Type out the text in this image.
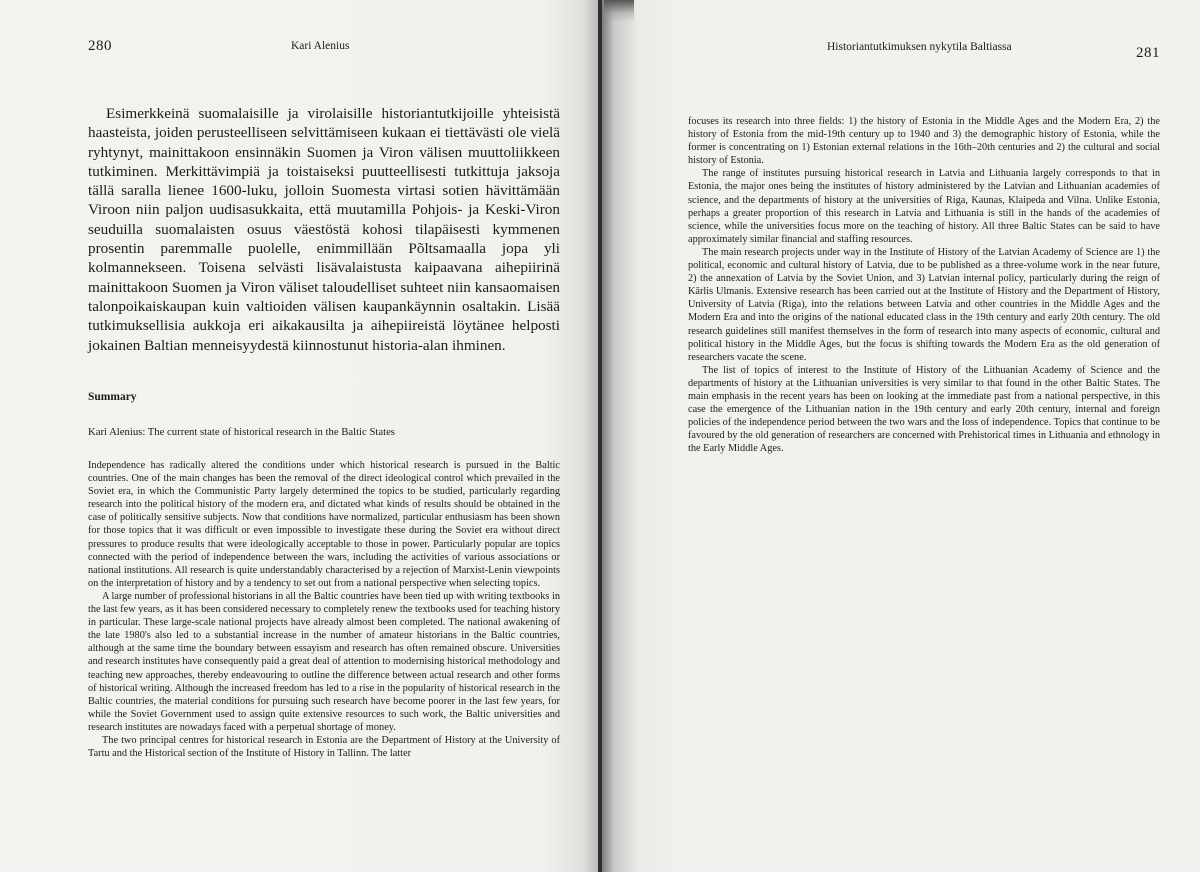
280	Kari Alenius

Esimerkkeinä suomalaisille ja virolaisille historiantutkijoille yhteisistä haasteista, joiden perusteelliseen selvittämiseen kukaan ei tiettävästi ole vielä ryhtynyt, mainittakoon ensinnäkin Suomen ja Viron välisen muuttoliikkeen tutkiminen. Merkittävimpiä ja toistaiseksi puutteellisesti tutkittuja jaksoja tällä saralla lienee 1600-luku, jolloin Suomesta virtasi sotien hävittämään Viroon niin paljon uudisasukkaita, että muutamilla Pohjois- ja Keski-Viron seuduilla suomalaisten osuus väestöstä kohosi tilapäisesti kymmenen prosentin paremmalle puolelle, enimmillään Põltsamaalla jopa yli kolmannekseen. Toisena selvästi lisävalaistusta kaipaavana aihepiirinä mainittakoon Suomen ja Viron väliset taloudelliset suhteet niin kansaomaisen talonpoikaiskaupan kuin valtioiden välisen kaupankäynnin osaltakin. Lisää tutkimuksellisia aukkoja eri aikakausilta ja aihepiireistä löytänee helposti jokainen Baltian menneisyydestä kiinnostunut historia-alan ihminen.

Summary

Kari Alenius: The current state of historical research in the Baltic States

Independence has radically altered the conditions under which historical research is pursued in the Baltic countries. One of the main changes has been the removal of the direct ideological control which prevailed in the Soviet era, in which the Communistic Party largely determined the topics to be studied, particularly regarding research into the political history of the modern era, and dictated what kinds of results should be obtained in the case of politically sensitive subjects. Now that conditions have normalized, particular enthusiasm has been shown for those topics that it was difficult or even impossible to investigate these during the Soviet era without direct pressures to produce results that were ideologically acceptable to those in power. Particularly popular are topics connected with the period of independence between the wars, including the activities of various associations or national institutions. All research is quite understandably characterised by a rejection of Marxist-Lenin viewpoints on the interpretation of history and by a tendency to set out from a national perspective when selecting topics.

A large number of professional historians in all the Baltic countries have been tied up with writing textbooks in the last few years, as it has been considered necessary to completely renew the textbooks used for teaching history in particular. These large-scale national projects have already almost been completed. The national awakening of the late 1980's also led to a substantial increase in the number of amateur historians in the Baltic countries, although at the same time the boundary between essayism and research has often remained obscure. Universities and research institutes have consequently paid a great deal of attention to modernising historical methodology and teaching new approaches, thereby endeavouring to outline the difference between actual research and other forms of historical writing. Although the increased freedom has led to a rise in the popularity of historical research in the Baltic countries, the material conditions for pursuing such research have become poorer in the last few years, for while the Soviet Government used to assign quite extensive resources to such work, the Baltic universities and research institutes are nowadays faced with a perpetual shortage of money.

The two principal centres for historical research in Estonia are the Department of History at the University of Tartu and the Historical section of the Institute of History in Tallinn. The latter

Historiantutkimuksen nykytila Baltiassa	281

focuses its research into three fields: 1) the history of Estonia in the Middle Ages and the Modern Era, 2) the history of Estonia from the mid-19th century up to 1940 and 3) the demographic history of Estonia, while the former is concentrating on 1) Estonian external relations in the 16th–20th centuries and 2) the cultural and social history of Estonia.

The range of institutes pursuing historical research in Latvia and Lithuania largely corresponds to that in Estonia, the major ones being the institutes of history administered by the Latvian and Lithuanian academies of science, and the departments of history at the universities of Riga, Kaunas, Klaipeda and Vilna. Unlike Estonia, perhaps a greater proportion of this research in Latvia and Lithuania is still in the hands of the academies of science, while the universities focus more on the teaching of history. All three Baltic States can be said to have approximately similar financial and staffing resources.

The main research projects under way in the Institute of History of the Latvian Academy of Science are 1) the political, economic and cultural history of Latvia, due to be published as a three-volume work in the near future, 2) the annexation of Latvia by the Soviet Union, and 3) Latvian internal policy, particularly during the reign of Kārlis Ulmanis. Extensive research has been carried out at the Institute of History and the Department of History, University of Latvia (Riga), into the relations between Latvia and other countries in the Middle Ages and the Modern Era and into the origins of the national educated class in the 19th century and early 20th century. The old research guidelines still manifest themselves in the form of research into many aspects of economic, cultural and political history in the Middle Ages, but the focus is shifting towards the Modern Era as the old generation of researchers vacate the scene.

The list of topics of interest to the Institute of History of the Lithuanian Academy of Science and the departments of history at the Lithuanian universities is very similar to that found in the other Baltic States. The main emphasis in the recent years has been on looking at the immediate past from a national perspective, in this case the emergence of the Lithuanian nation in the 19th century and early 20th century, internal and foreign policies of the independence period between the two wars and the loss of independence. Topics that continue to be favoured by the old generation of researchers are concerned with Prehistorical times in Lithuania and ethnology in the Early Middle Ages.
